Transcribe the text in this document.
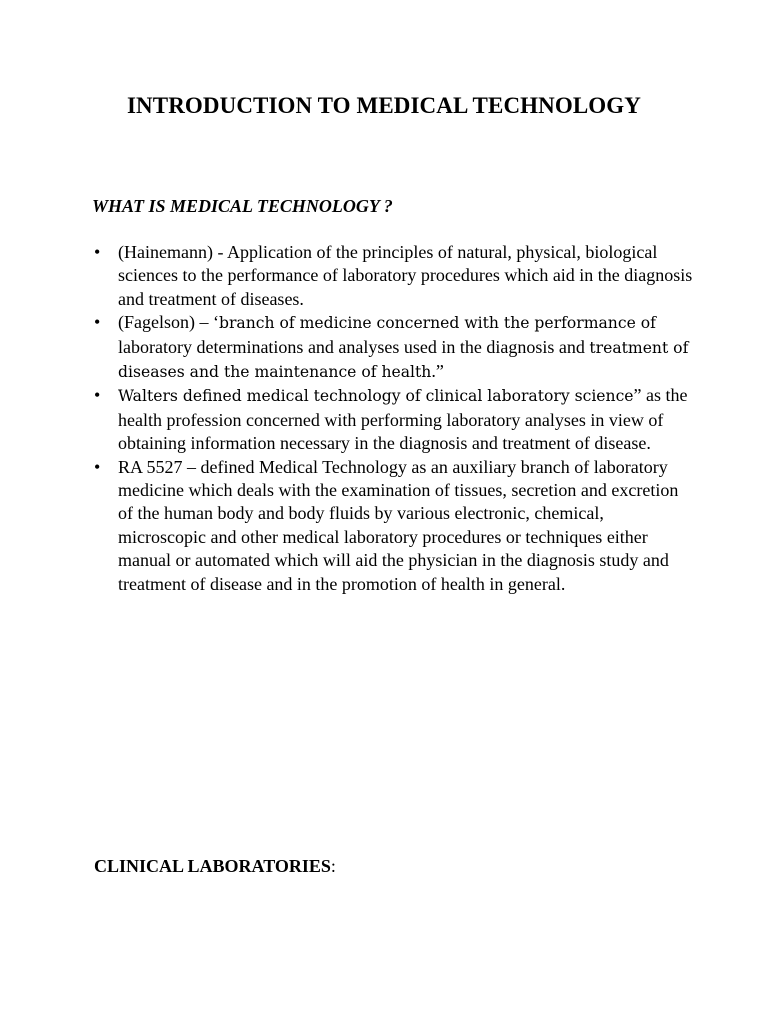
INTRODUCTION TO MEDICAL TECHNOLOGY
WHAT IS MEDICAL TECHNOLOGY ?
• (Hainemann) - Application of the principles of natural, physical, biological sciences to the performance of laboratory procedures which aid in the diagnosis and treatment of diseases.
• (Fagelson) – ‘branch of medicine concerned with the performance of laboratory determinations and analyses used in the diagnosis and treatment of diseases and the maintenance of health.”
• Walters defined medical technology of clinical laboratory science” as the health profession concerned with performing laboratory analyses in view of obtaining information necessary in the diagnosis and treatment of disease.
• RA 5527 – defined Medical Technology as an auxiliary branch of laboratory medicine which deals with the examination of tissues, secretion and excretion of the human body and body fluids by various electronic, chemical, microscopic and other medical laboratory procedures or techniques either manual or automated which will aid the physician in the diagnosis study and treatment of disease and in the promotion of health in general.
CLINICAL LABORATORIES:
